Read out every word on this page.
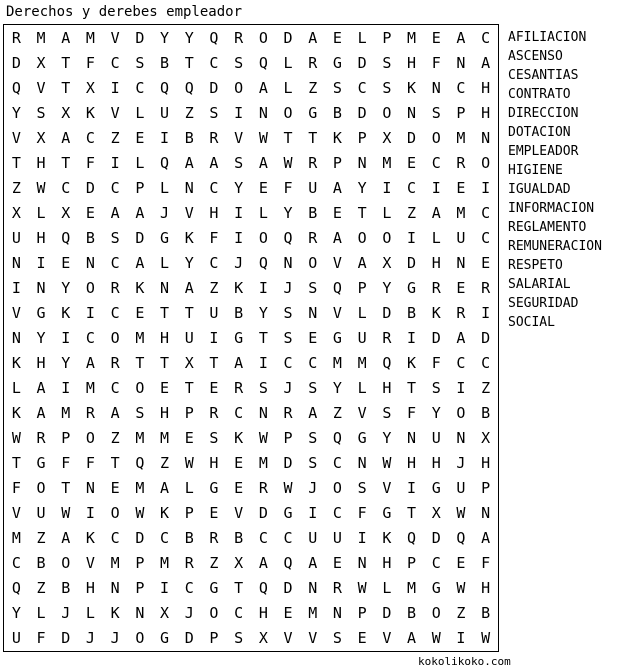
Derechos y derebes empleador
R	M	A	M	V	D	Y	Y	Q	R	O	D	A	E	L	P	M	E	A	C
D	X	T	F	C	S	B	T	C	S	Q	L	R	G	D	S	H	F	N	A
Q	V	T	X	I	C	Q	Q	D	O	A	L	Z	S	C	S	K	N	C	H
Y	S	X	K	V	L	U	Z	S	I	N	O	G	B	D	O	N	S	P	H
V	X	A	C	Z	E	I	B	R	V	W	T	T	K	P	X	D	O	M	N
T	H	T	F	I	L	Q	A	A	S	A	W	R	P	N	M	E	C	R	O
Z	W	C	D	C	P	L	N	C	Y	E	F	U	A	Y	I	C	I	E	I
X	L	X	E	A	A	J	V	H	I	L	Y	B	E	T	L	Z	A	M	C
U	H	Q	B	S	D	G	K	F	I	O	Q	R	A	O	O	I	L	U	C
N	I	E	N	C	A	L	Y	C	J	Q	N	O	V	A	X	D	H	N	E
I	N	Y	O	R	K	N	A	Z	K	I	J	S	Q	P	Y	G	R	E	R
V	G	K	I	C	E	T	T	U	B	Y	S	N	V	L	D	B	K	R	I
N	Y	I	C	O	M	H	U	I	G	T	S	E	G	U	R	I	D	A	D
K	H	Y	A	R	T	T	X	T	A	I	C	C	M	M	Q	K	F	C	C
L	A	I	M	C	O	E	T	E	R	S	J	S	Y	L	H	T	S	I	Z
K	A	M	R	A	S	H	P	R	C	N	R	A	Z	V	S	F	Y	O	B
W	R	P	O	Z	M	M	E	S	K	W	P	S	Q	G	Y	N	U	N	X
T	G	F	F	T	Q	Z	W	H	E	M	D	S	C	N	W	H	H	J	H
F	O	T	N	E	M	A	L	G	E	R	W	J	O	S	V	I	G	U	P
V	U	W	I	O	W	K	P	E	V	D	G	I	C	F	G	T	X	W	N
M	Z	A	K	C	D	C	B	R	B	C	C	U	U	I	K	Q	D	Q	A
C	B	O	V	M	P	M	R	Z	X	A	Q	A	E	N	H	P	C	E	F
Q	Z	B	H	N	P	I	C	G	T	Q	D	N	R	W	L	M	G	W	H
Y	L	J	L	K	N	X	J	O	C	H	E	M	N	P	D	B	O	Z	B
U	F	D	J	J	O	G	D	P	S	X	V	V	S	E	V	A	W	I	W
AFILIACION
ASCENSO
CESANTIAS
CONTRATO
DIRECCION
DOTACION
EMPLEADOR
HIGIENE
IGUALDAD
INFORMACION
REGLAMENTO
REMUNERACION
RESPETO
SALARIAL
SEGURIDAD
SOCIAL
kokolikoko.com
